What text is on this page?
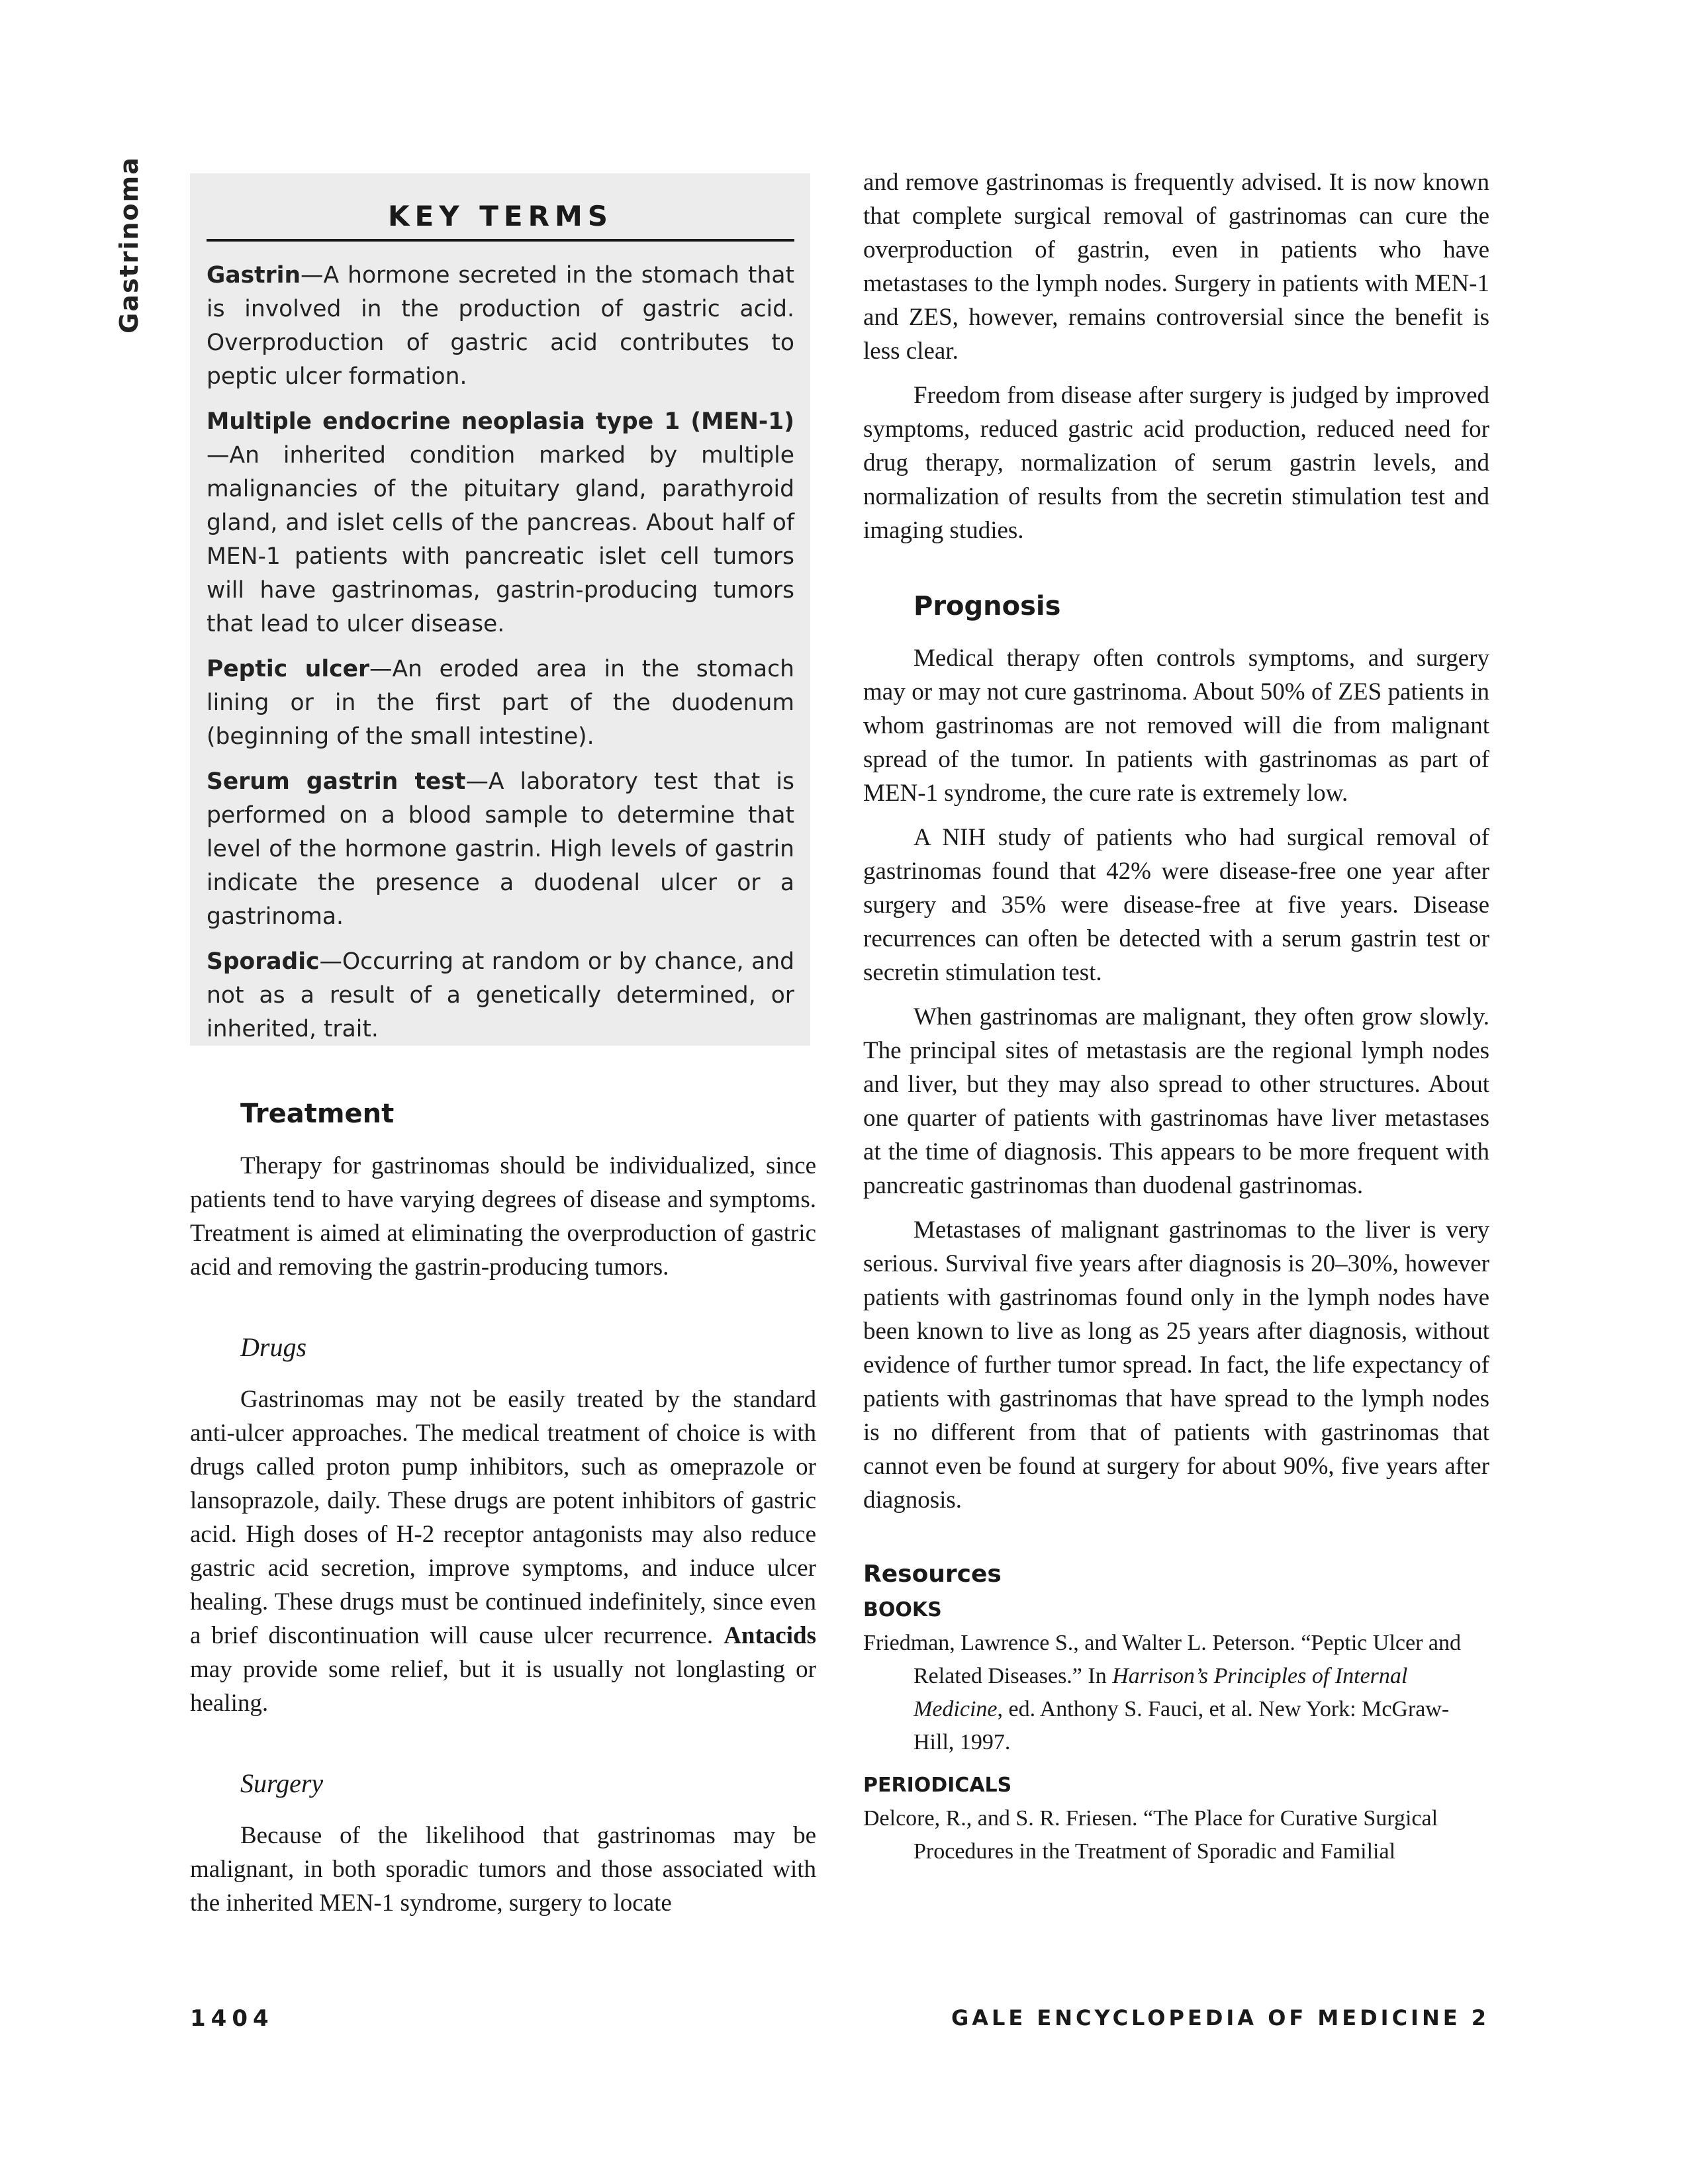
Gastrinoma	KEY TERMS

Gastrin—A hormone secreted in the stomach that is involved in the production of gastric acid. Overproduction of gastric acid contributes to peptic ulcer formation.

Multiple endocrine neoplasia type 1 (MEN-1)—An inherited condition marked by multiple malignancies of the pituitary gland, parathyroid gland, and islet cells of the pancreas. About half of MEN-1 patients with pancreatic islet cell tumors will have gastrinomas, gastrin-producing tumors that lead to ulcer disease.

Peptic ulcer—An eroded area in the stomach lining or in the first part of the duodenum (beginning of the small intestine).

Serum gastrin test—A laboratory test that is performed on a blood sample to determine that level of the hormone gastrin. High levels of gastrin indicate the presence a duodenal ulcer or a gastrinoma.

Sporadic—Occurring at random or by chance, and not as a result of a genetically determined, or inherited, trait.

Treatment

Therapy for gastrinomas should be individualized, since patients tend to have varying degrees of disease and symptoms. Treatment is aimed at eliminating the overproduction of gastric acid and removing the gastrin-producing tumors.

Drugs

Gastrinomas may not be easily treated by the standard anti-ulcer approaches. The medical treatment of choice is with drugs called proton pump inhibitors, such as omeprazole or lansoprazole, daily. These drugs are potent inhibitors of gastric acid. High doses of H-2 receptor antagonists may also reduce gastric acid secretion, improve symptoms, and induce ulcer healing. These drugs must be continued indefinitely, since even a brief discontinuation will cause ulcer recurrence. Antacids may provide some relief, but it is usually not longlasting or healing.

Surgery

Because of the likelihood that gastrinomas may be malignant, in both sporadic tumors and those associated with the inherited MEN-1 syndrome, surgery to locate

and remove gastrinomas is frequently advised. It is now known that complete surgical removal of gastrinomas can cure the overproduction of gastrin, even in patients who have metastases to the lymph nodes. Surgery in patients with MEN-1 and ZES, however, remains controversial since the benefit is less clear.

Freedom from disease after surgery is judged by improved symptoms, reduced gastric acid production, reduced need for drug therapy, normalization of serum gastrin levels, and normalization of results from the secretin stimulation test and imaging studies.

Prognosis

Medical therapy often controls symptoms, and surgery may or may not cure gastrinoma. About 50% of ZES patients in whom gastrinomas are not removed will die from malignant spread of the tumor. In patients with gastrinomas as part of MEN-1 syndrome, the cure rate is extremely low.

A NIH study of patients who had surgical removal of gastrinomas found that 42% were disease-free one year after surgery and 35% were disease-free at five years. Disease recurrences can often be detected with a serum gastrin test or secretin stimulation test.

When gastrinomas are malignant, they often grow slowly. The principal sites of metastasis are the regional lymph nodes and liver, but they may also spread to other structures. About one quarter of patients with gastrinomas have liver metastases at the time of diagnosis. This appears to be more frequent with pancreatic gastrinomas than duodenal gastrinomas.

Metastases of malignant gastrinomas to the liver is very serious. Survival five years after diagnosis is 20–30%, however patients with gastrinomas found only in the lymph nodes have been known to live as long as 25 years after diagnosis, without evidence of further tumor spread. In fact, the life expectancy of patients with gastrinomas that have spread to the lymph nodes is no different from that of patients with gastrinomas that cannot even be found at surgery for about 90%, five years after diagnosis.

Resources
BOOKS

Friedman, Lawrence S., and Walter L. Peterson. “Peptic Ulcer and Related Diseases.” In Harrison’s Principles of Internal Medicine, ed. Anthony S. Fauci, et al. New York: McGraw-Hill, 1997.

PERIODICALS

Delcore, R., and S. R. Friesen. “The Place for Curative Surgical Procedures in the Treatment of Sporadic and Familial

1404	GALE ENCYCLOPEDIA OF MEDICINE 2
